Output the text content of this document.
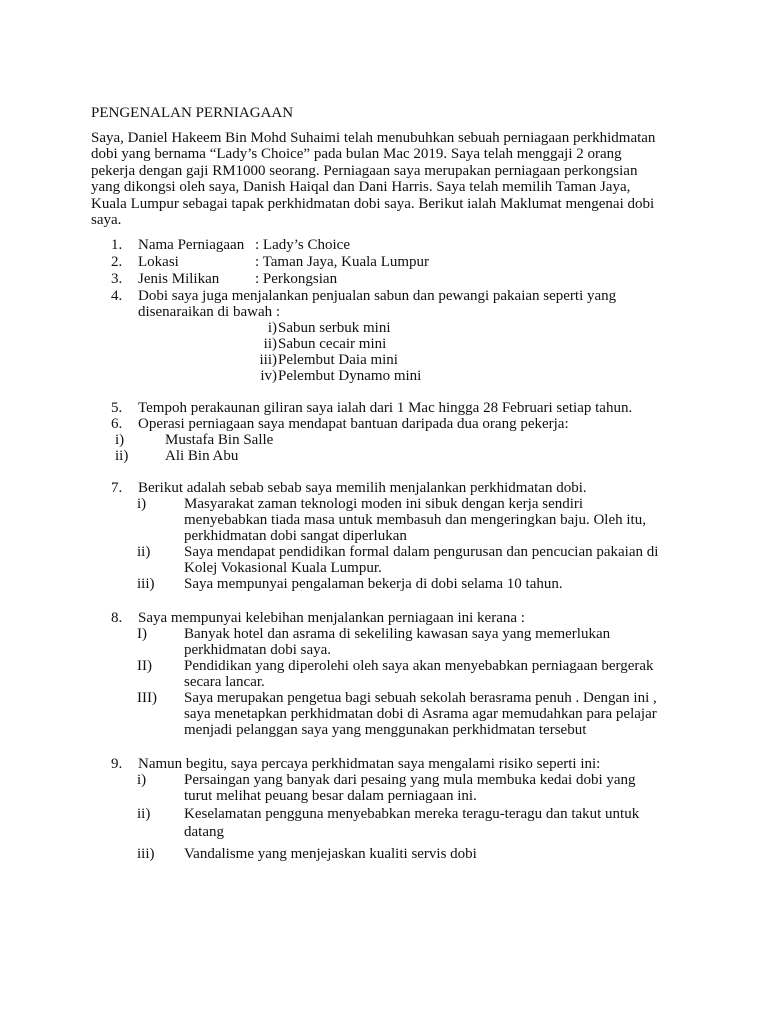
PENGENALAN PERNIAGAAN
Saya, Daniel Hakeem Bin Mohd Suhaimi telah menubuhkan sebuah perniagaan perkhidmatan
dobi yang bernama “Lady’s Choice” pada bulan Mac 2019. Saya telah menggaji 2 orang
pekerja dengan gaji RM1000 seorang. Perniagaan saya merupakan perniagaan perkongsian
yang dikongsi oleh saya, Danish Haiqal dan Dani Harris. Saya telah memilih Taman Jaya,
Kuala Lumpur sebagai tapak perkhidmatan dobi saya. Berikut ialah Maklumat mengenai dobi
saya.
1. Nama Perniagaan : Lady’s Choice
2. Lokasi	: Taman Jaya, Kuala Lumpur
3. Jenis Milikan : Perkongsian
4. Dobi saya juga menjalankan penjualan sabun dan pewangi pakaian seperti yang
disenaraikan di bawah :
i) Sabun serbuk mini
ii) Sabun cecair mini
iii) Pelembut Daia mini
iv) Pelembut Dynamo mini
5. Tempoh perakaunan giliran saya ialah dari 1 Mac hingga 28 Februari setiap tahun.
6. Operasi perniagaan saya mendapat bantuan daripada dua orang pekerja:
i)	Mustafa Bin Salle
ii) Ali Bin Abu
7. Berikut adalah sebab sebab saya memilih menjalankan perkhidmatan dobi.
i)	Masyarakat zaman teknologi moden ini sibuk dengan kerja sendiri
menyebabkan tiada masa untuk membasuh dan mengeringkan baju. Oleh itu,
perkhidmatan dobi sangat diperlukan
ii) Saya mendapat pendidikan formal dalam pengurusan dan pencucian pakaian di
Kolej Vokasional Kuala Lumpur.
iii) Saya mempunyai pengalaman bekerja di dobi selama 10 tahun.
8. Saya mempunyai kelebihan menjalankan perniagaan ini kerana :
I) Banyak hotel dan asrama di sekeliling kawasan saya yang memerlukan
perkhidmatan dobi saya.
II) Pendidikan yang diperolehi oleh saya akan menyebabkan perniagaan bergerak
secara lancar.
III) Saya merupakan pengetua bagi sebuah sekolah berasrama penuh . Dengan ini ,
saya menetapkan perkhidmatan dobi di Asrama agar memudahkan para pelajar
menjadi pelanggan saya yang menggunakan perkhidmatan tersebut
9. Namun begitu, saya percaya perkhidmatan saya mengalami risiko seperti ini:
i)	Persaingan yang banyak dari pesaing yang mula membuka kedai dobi yang
turut melihat peuang besar dalam perniagaan ini.
ii) Keselamatan pengguna menyebabkan mereka teragu-teragu dan takut untuk
datang
iii) Vandalisme yang menjejaskan kualiti servis dobi
